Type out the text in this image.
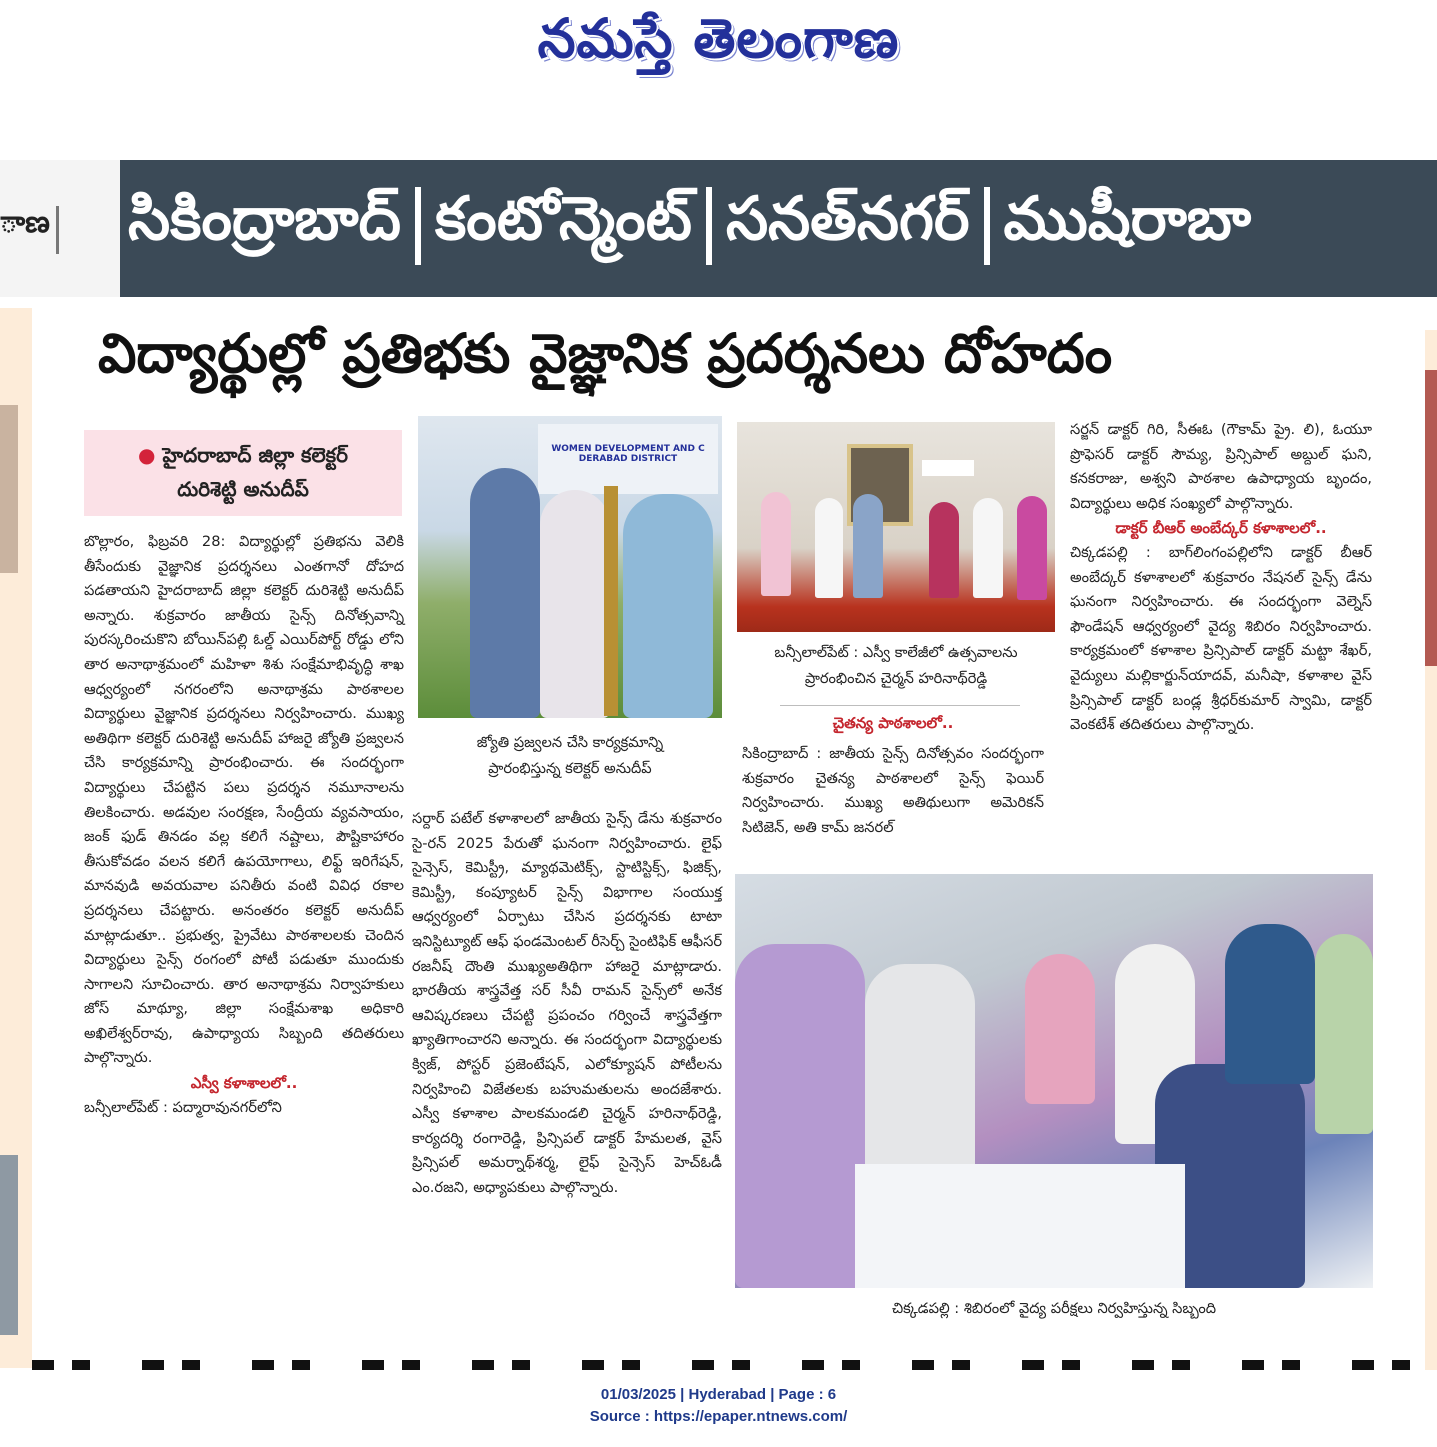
నమస్తే తెలంగాణ
ాణ సికింద్రాబాద్ కంటోన్మెంట్ సనత్‌నగర్ ముషీరాబా
విద్యార్థుల్లో ప్రతిభకు వైజ్ఞానిక ప్రదర్శనలు దోహదం
● హైదరాబాద్ జిల్లా కలెక్టర్
దురిశెట్టి అనుదీప్
బొల్లారం, ఫిబ్రవరి 28: విద్యార్థుల్లో ప్రతిభను వెలికి తీసేందుకు వైజ్ఞానిక ప్రదర్శనలు ఎంతగానో దోహద పడతాయని హైదరాబాద్ జిల్లా కలెక్టర్ దురిశెట్టి అనుదీప్ అన్నారు. శుక్రవారం జాతీయ సైన్స్ దినోత్సవాన్ని పురస్కరించుకొని బోయిన్‌పల్లి ఓల్డ్ ఎయిర్‌పోర్ట్ రోడ్డు లోని తార అనాథాశ్రమంలో మహిళా శిశు సంక్షేమాభివృద్ధి శాఖ ఆధ్వర్యంలో నగరంలోని అనాథాశ్రమ పాఠశాలల విద్యార్థులు వైజ్ఞానిక ప్రదర్శనలు నిర్వహించారు. ముఖ్య అతిథిగా కలెక్టర్ దురిశెట్టి అనుదీప్ హాజరై జ్యోతి ప్రజ్వలన చేసి కార్యక్రమాన్ని ప్రారంభించారు. ఈ సందర్భంగా విద్యార్థులు చేపట్టిన పలు ప్రదర్శన నమూనాలను తిలకించారు. అడవుల సంరక్షణ, సేంద్రీయ వ్యవసాయం, జంక్ ఫుడ్ తినడం వల్ల కలిగే నష్టాలు, పౌష్టికాహారం తీసుకోవడం వలన కలిగే ఉపయోగాలు, లిఫ్ట్ ఇరిగేషన్, మానవుడి అవయవాల పనితీరు వంటి వివిధ రకాల ప్రదర్శనలు చేపట్టారు. అనంతరం కలెక్టర్ అనుదీప్ మాట్లాడుతూ.. ప్రభుత్వ, ప్రైవేటు పాఠశాలలకు చెందిన విద్యార్థులు సైన్స్ రంగంలో పోటీ పడుతూ ముందుకు సాగాలని సూచించారు. తార అనాథాశ్రమ నిర్వాహకులు జోస్ మాథ్యూ, జిల్లా సంక్షేమశాఖ అధికారి అఖిలేశ్వర్‌రావు, ఉపాధ్యాయ సిబ్బంది తదితరులు పాల్గొన్నారు.
ఎస్వీ కళాశాలలో..
బన్సీలాల్‌పేట్ : పద్మారావునగర్‌లోని
WOMEN DEVELOPMENT AND C
DERABAD DISTRICT
జ్యోతి ప్రజ్వలన చేసి కార్యక్రమాన్ని
ప్రారంభిస్తున్న కలెక్టర్ అనుదీప్
సర్దార్ పటేల్ కళాశాలలో జాతీయ సైన్స్ డేను శుక్రవారం సై-రన్ 2025 పేరుతో ఘనంగా నిర్వహించారు. లైఫ్ సైన్సెస్, కెమిస్ట్రీ, మ్యాథమెటిక్స్, స్టాటిస్టిక్స్, ఫిజిక్స్, కెమిస్ట్రీ, కంప్యూటర్ సైన్స్ విభాగాల సంయుక్త ఆధ్వర్యంలో ఏర్పాటు చేసిన ప్రదర్శనకు టాటా ఇనిస్టిట్యూట్ ఆఫ్ ఫండమెంటల్ రీసెర్చ్ సైంటిఫిక్ ఆఫీసర్ రజనీష్ దౌంతి ముఖ్యఅతిథిగా హాజరై మాట్లాడారు. భారతీయ శాస్త్రవేత్త సర్ సీవీ రామన్ సైన్స్‌లో అనేక ఆవిష్కరణలు చేపట్టి ప్రపంచం గర్వించే శాస్త్రవేత్తగా ఖ్యాతిగాంచారని అన్నారు. ఈ సందర్భంగా విద్యార్థులకు క్విజ్, పోస్టర్ ప్రజెంటేషన్, ఎలోక్యూషన్ పోటీలను నిర్వహించి విజేతలకు బహుమతులను అందజేశారు. ఎస్వీ కళాశాల పాలకమండలి చైర్మన్ హరినాథ్‌రెడ్డి, కార్యదర్శి రంగారెడ్డి, ప్రిన్సిపల్ డాక్టర్ హేమలత, వైస్ ప్రిన్సిపల్ అమర్నాథ్‌శర్మ, లైఫ్ సైన్సెస్ హెచ్‌ఓడీ ఎం.రజని, అధ్యాపకులు పాల్గొన్నారు.
బన్సీలాల్‌పేట్ : ఎస్వీ కాలేజీలో ఉత్సవాలను
ప్రారంభించిన చైర్మన్ హరినాథ్‌రెడ్డి
చైతన్య పాఠశాలలో..
సికింద్రాబాద్ : జాతీయ సైన్స్ దినోత్సవం సందర్భంగా శుక్రవారం చైతన్య పాఠశాలలో సైన్స్ ఫెయిర్ నిర్వహించారు. ముఖ్య అతిథులుగా అమెరికన్ సిటిజెన్, అతి కామ్ జనరల్
సర్జన్ డాక్టర్ గిరి, సీఈఓ (గౌకామ్ ప్రై. లి), ఓయూ ప్రొఫెసర్ డాక్టర్ సౌమ్య, ప్రిన్సిపాల్ అబ్దుల్ ఘని, కనకరాజు, అశ్వని పాఠశాల ఉపాధ్యాయ బృందం, విద్యార్థులు అధిక సంఖ్యలో పాల్గొన్నారు.
డాక్టర్ బీఆర్ అంబేద్కర్ కళాశాలలో..
చిక్కడపల్లి : బాగ్‌లింగంపల్లిలోని డాక్టర్ బీఆర్ అంబేద్కర్ కళాశాలలో శుక్రవారం నేషనల్ సైన్స్ డేను ఘనంగా నిర్వహించారు. ఈ సందర్భంగా వెల్నెస్ ఫౌండేషన్ ఆధ్వర్యంలో వైద్య శిబిరం నిర్వహించారు. కార్యక్రమంలో కళాశాల ప్రిన్సిపాల్ డాక్టర్ మట్టా శేఖర్, వైద్యులు మల్లికార్జున్‌యాదవ్, మనీషా, కళాశాల వైస్ ప్రిన్సిపాల్ డాక్టర్ బండ్ల శ్రీధర్‌కుమార్ స్వామి, డాక్టర్ వెంకటేశ్ తదితరులు పాల్గొన్నారు.
చిక్కడపల్లి : శిబిరంలో వైద్య పరీక్షలు నిర్వహిస్తున్న సిబ్బంది
01/03/2025 | Hyderabad | Page : 6
Source : https://epaper.ntnews.com/
